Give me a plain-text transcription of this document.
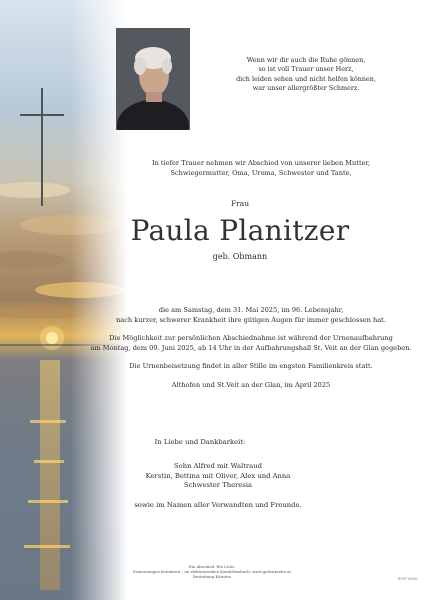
Wenn wir dir auch die Ruhe gönnen,
so ist voll Trauer unser Herz,
dich leiden sehen und nicht helfen können,
war unser allergrößter Schmerz.
In tiefer Trauer nehmen wir Abschied von unserer lieben Mutter,
Schwiegermutter, Oma, Uroma, Schwester und Tante,
Frau
Paula Planitzer
geb. Obmann
die am Samstag, dem 31. Mai 2025, im 96. Lebensjahr,
nach kurzer, schwerer Krankheit ihre gütigen Augen für immer geschlossen hat.
Die Möglichkeit zur persönlichen Abschiednahme ist während der Urnenaufbahrung
am Montag, dem 09. Juni 2025, ab 14 Uhr in der Aufbahrungshall St. Veit an der Glan gegeben.
Die Urnenbeisetzung findet in aller Stille im engsten Familienkreis statt.
Althofen und St.Veit an der Glan, im April 2025
In Liebe und Dankbarkeit:
Sohn Alfred mit Waltraud
Kerstin, Bettina mit Oliver, Alex und Anna
Schwester Theresia
sowie im Namen aller Verwandten und Freunde.
Ein Abschied. Ein Licht.
Erinnerungen bewahren – im elektronischen Kondolenzbuch: www.gedenkseite.at
Bestattung Kärnten	B-VF 0000
